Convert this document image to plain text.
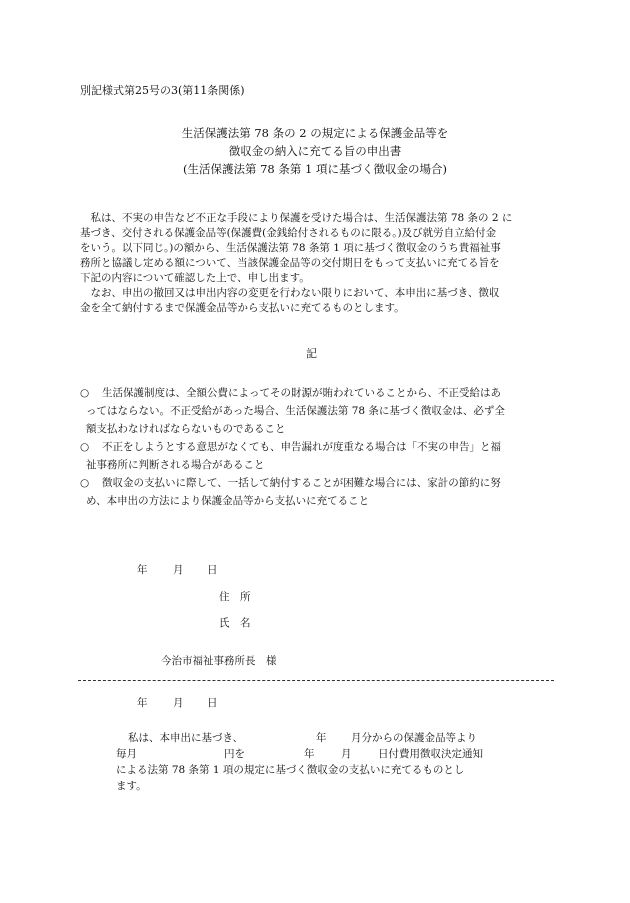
別記様式第25号の3(第11条関係)
生活保護法第 78 条の 2 の規定による保護金品等を
徴収金の納入に充てる旨の申出書
(生活保護法第 78 条第 1 項に基づく徴収金の場合)
　私は、不実の申告など不正な手段により保護を受けた場合は、生活保護法第 78 条の 2 に
基づき、交付される保護金品等(保護費(金銭給付されるものに限る。)及び就労自立給付金
をいう。以下同じ。)の額から、生活保護法第 78 条第 1 項に基づく徴収金のうち貴福祉事
務所と協議し定める額について、当該保護金品等の交付期日をもって支払いに充てる旨を
下記の内容について確認した上で、申し出ます。
　なお、申出の撤回又は申出内容の変更を行わない限りにおいて、本申出に基づき、徴収
金を全て納付するまで保護金品等から支払いに充てるものとします。
記
○	生活保護制度は、全額公費によってその財源が賄われていることから、不正受給はあ
ってはならない。不正受給があった場合、生活保護法第 78 条に基づく徴収金は、必ず全
額支払わなければならないものであること
○	不正をしようとする意思がなくても、申告漏れが度重なる場合は「不実の申告」と福
祉事務所に判断される場合があること
○	徴収金の支払いに際して、一括して納付することが困難な場合には、家計の節約に努
め、本申出の方法により保護金品等から支払いに充てること
年 月 日
住　所
氏　名
今治市福祉事務所長　様
年 月 日
私は、本申出に基づき、	年 月分からの保護金品等より
毎月	円を	年	月	日付費用徴収決定通知
による法第 78 条第 1 項の規定に基づく徴収金の支払いに充てるものとし
ます。
